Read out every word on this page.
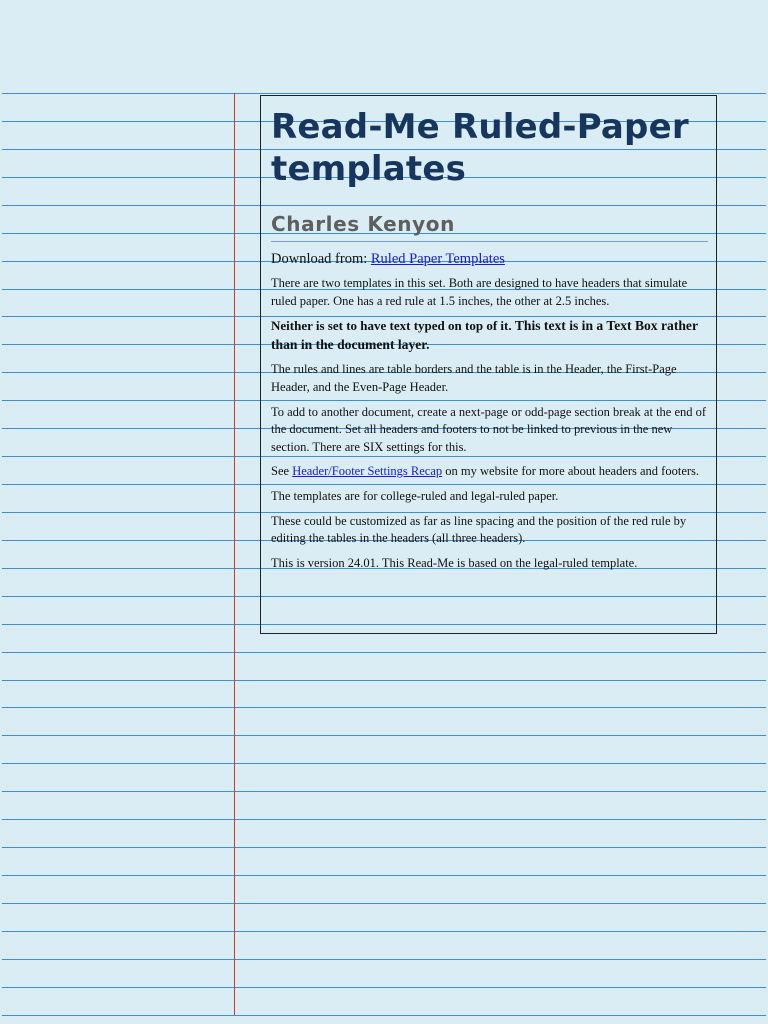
Read-Me Ruled-Paper templates
Charles Kenyon

Download from: Ruled Paper Templates

There are two templates in this set. Both are designed to have headers that simulate ruled paper. One has a red rule at 1.5 inches, the other at 2.5 inches.

Neither is set to have text typed on top of it. This text is in a Text Box rather than in the document layer.

The rules and lines are table borders and the table is in the Header, the First-Page Header, and the Even-Page Header.

To add to another document, create a next-page or odd-page section break at the end of the document. Set all headers and footers to not be linked to previous in the new section. There are SIX settings for this.

See Header/Footer Settings Recap on my website for more about headers and footers.

The templates are for college-ruled and legal-ruled paper.

These could be customized as far as line spacing and the position of the red rule by editing the tables in the headers (all three headers).

This is version 24.01. This Read-Me is based on the legal-ruled template.
